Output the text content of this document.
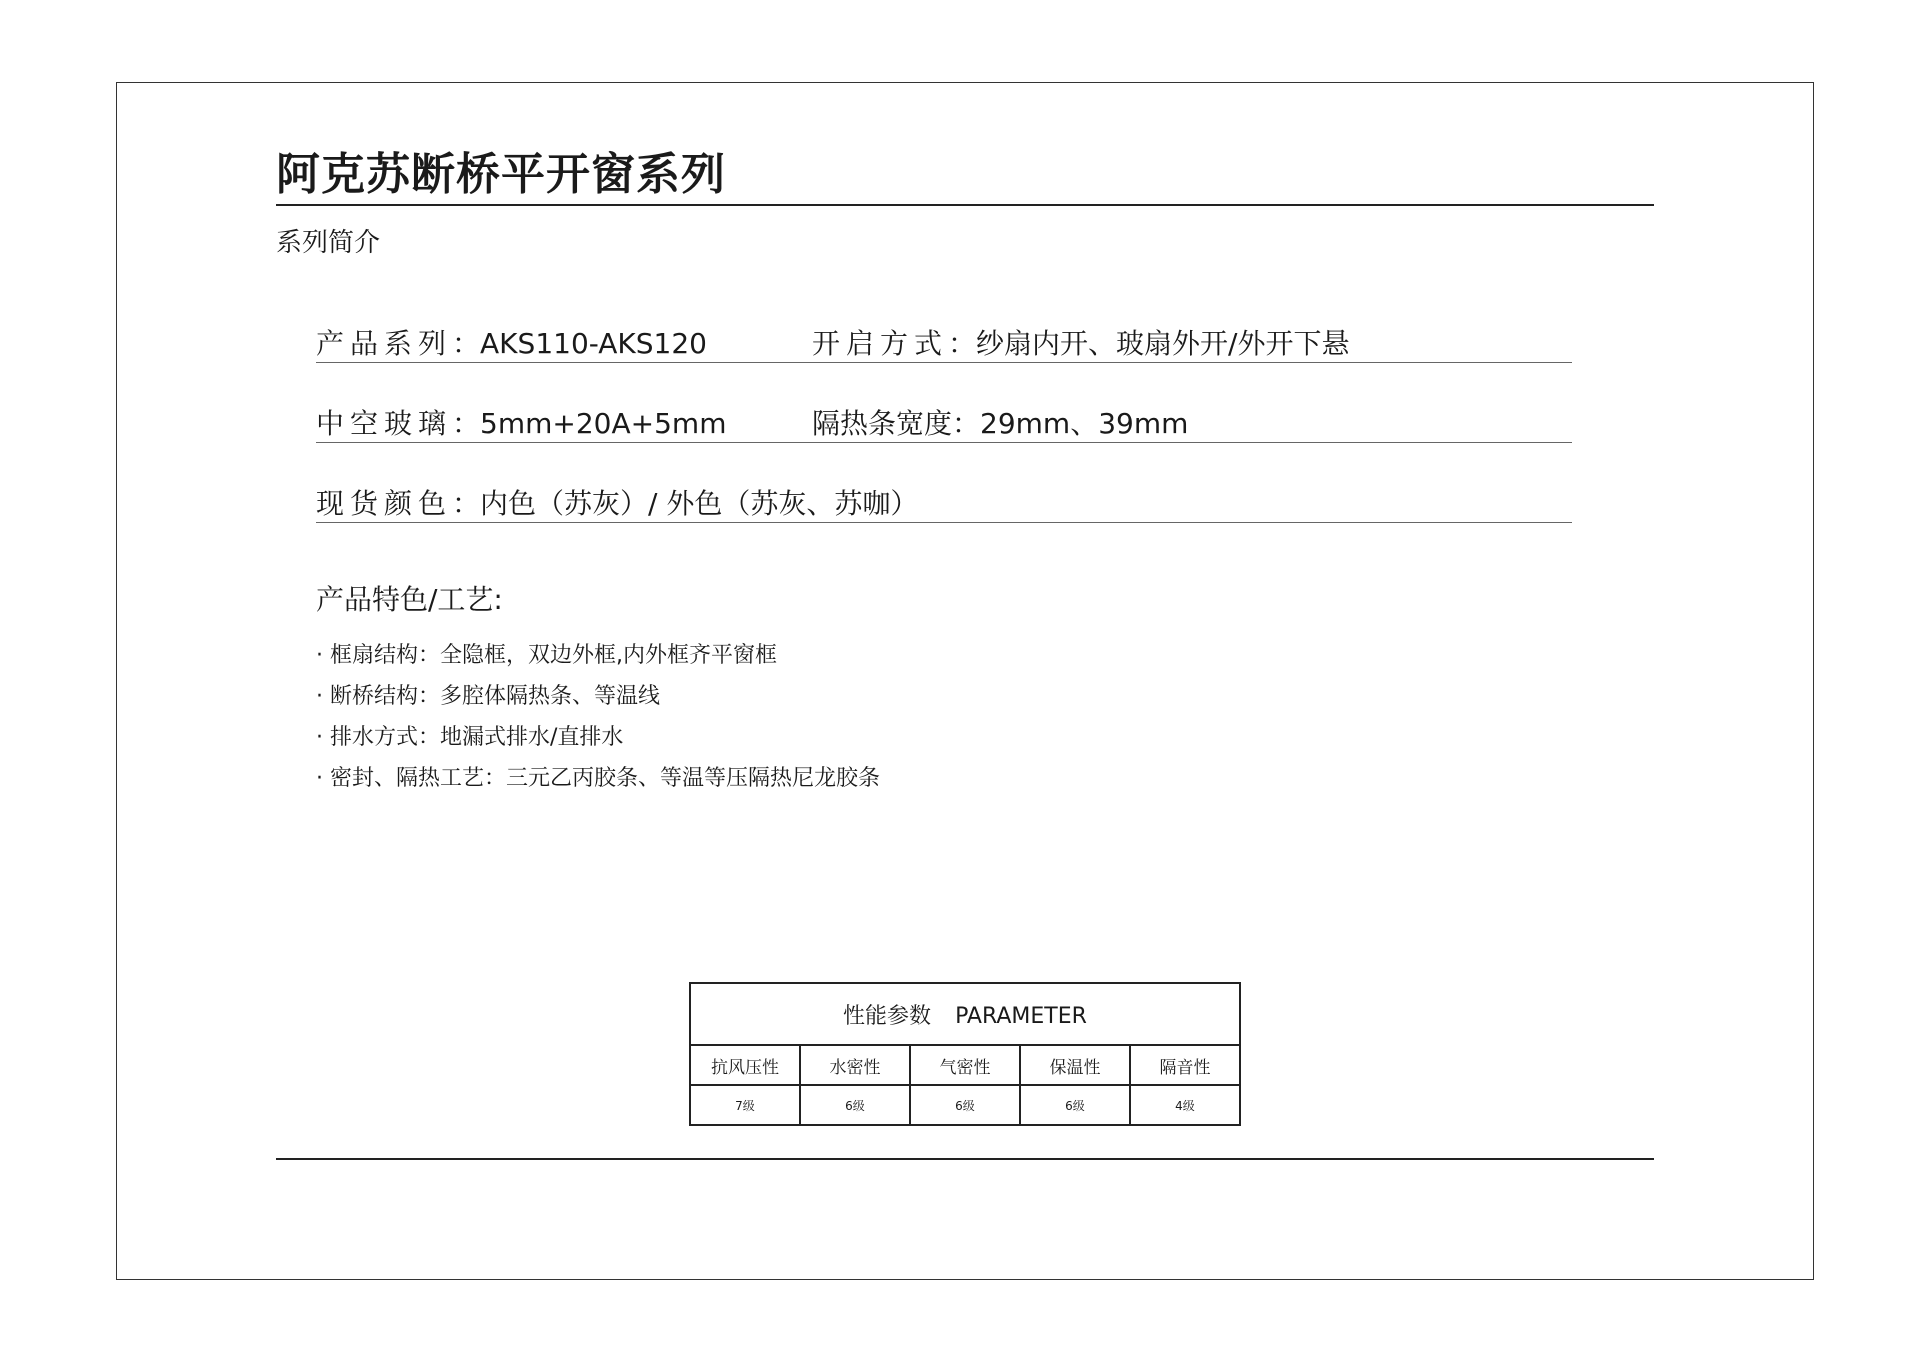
阿克苏断桥平开窗系列
系列简介
产品系列：AKS110-AKS120	开启方式：纱扇内开、玻扇外开/外开下悬
中空玻璃：5mm+20A+5mm	隔热条宽度：29mm、39mm
现货颜色：内色（苏灰）/ 外色（苏灰、苏咖）
产品特色/工艺:
· 框扇结构：全隐框，双边外框,内外框齐平窗框
· 断桥结构：多腔体隔热条、等温线
· 排水方式：地漏式排水/直排水
· 密封、隔热工艺：三元乙丙胶条、等温等压隔热尼龙胶条
性能参数 PARAMETER				
抗风压性	水密性	气密性	保温性	隔音性
7级	6级	6级	6级	4级
